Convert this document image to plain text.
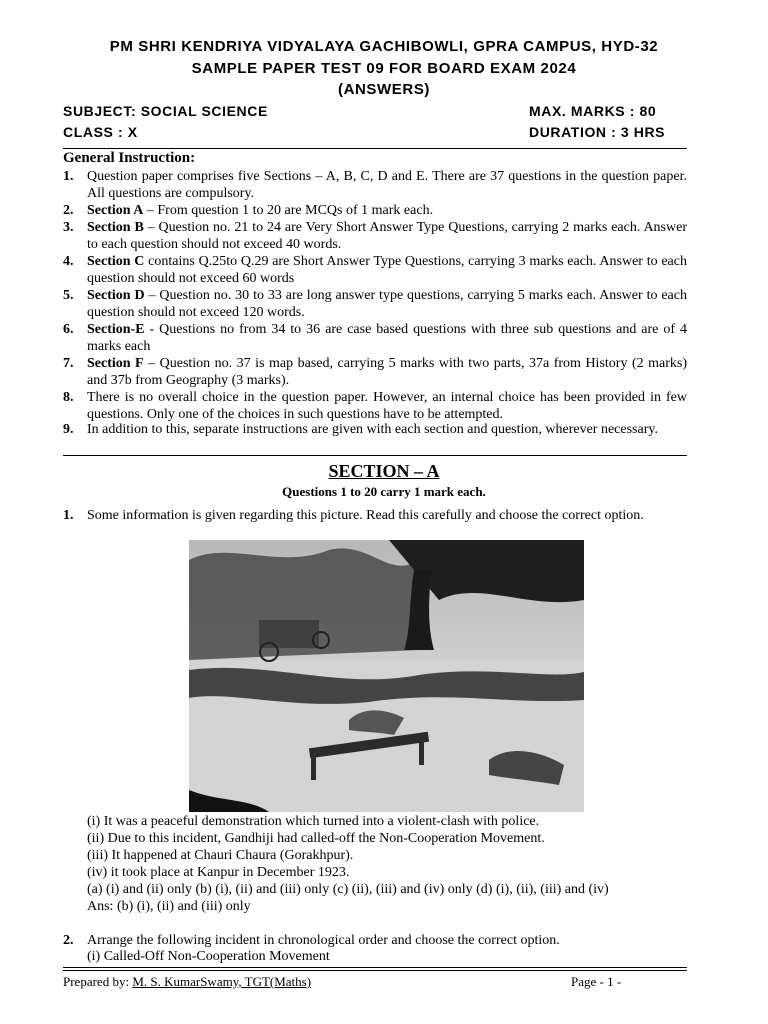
PM SHRI KENDRIYA VIDYALAYA GACHIBOWLI, GPRA CAMPUS, HYD-32
SAMPLE PAPER TEST 09 FOR BOARD EXAM 2024
(ANSWERS)
SUBJECT: SOCIAL SCIENCE	MAX. MARKS : 80
CLASS : X	DURATION : 3 HRS
General Instruction:
1. Question paper comprises five Sections – A, B, C, D and E. There are 37 questions in the question paper. All questions are compulsory.
2. Section A – From question 1 to 20 are MCQs of 1 mark each.
3. Section B – Question no. 21 to 24 are Very Short Answer Type Questions, carrying 2 marks each. Answer to each question should not exceed 40 words.
4. Section C contains Q.25to Q.29 are Short Answer Type Questions, carrying 3 marks each. Answer to each question should not exceed 60 words
5. Section D – Question no. 30 to 33 are long answer type questions, carrying 5 marks each. Answer to each question should not exceed 120 words.
6. Section-E - Questions no from 34 to 36 are case based questions with three sub questions and are of 4 marks each
7. Section F – Question no. 37 is map based, carrying 5 marks with two parts, 37a from History (2 marks) and 37b from Geography (3 marks).
8. There is no overall choice in the question paper. However, an internal choice has been provided in few questions. Only one of the choices in such questions have to be attempted.
9. In addition to this, separate instructions are given with each section and question, wherever necessary.
SECTION – A
Questions 1 to 20 carry 1 mark each.
1. Some information is given regarding this picture. Read this carefully and choose the correct option.
(i) It was a peaceful demonstration which turned into a violent-clash with police.
(ii) Due to this incident, Gandhiji had called-off the Non-Cooperation Movement.
(iii) It happened at Chauri Chaura (Gorakhpur).
(iv) it took place at Kanpur in December 1923.
(a) (i) and (ii) only (b) (i), (ii) and (iii) only (c) (ii), (iii) and (iv) only (d) (i), (ii), (iii) and (iv)
Ans: (b) (i), (ii) and (iii) only
2. Arrange the following incident in chronological order and choose the correct option.
(i) Called-Off Non-Cooperation Movement
Prepared by: M. S. KumarSwamy, TGT(Maths)	Page - 1 -
